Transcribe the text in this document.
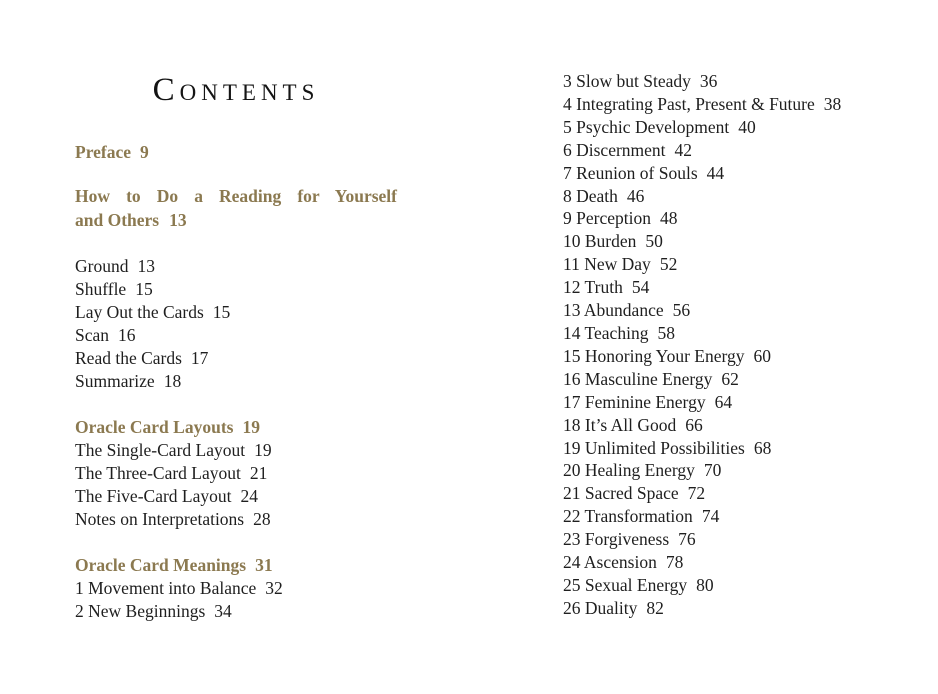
Contents
Preface 9
How to Do a Reading for Yourself
and Others 13
Ground 13
Shuffle 15
Lay Out the Cards 15
Scan 16
Read the Cards 17
Summarize 18
Oracle Card Layouts 19
The Single-Card Layout 19
The Three-Card Layout 21
The Five-Card Layout 24
Notes on Interpretations 28
Oracle Card Meanings 31
1 Movement into Balance 32
2 New Beginnings 34
3 Slow but Steady 36
4 Integrating Past, Present & Future 38
5 Psychic Development 40
6 Discernment 42
7 Reunion of Souls 44
8 Death 46
9 Perception 48
10 Burden 50
11 New Day 52
12 Truth 54
13 Abundance 56
14 Teaching 58
15 Honoring Your Energy 60
16 Masculine Energy 62
17 Feminine Energy 64
18 It’s All Good 66
19 Unlimited Possibilities 68
20 Healing Energy 70
21 Sacred Space 72
22 Transformation 74
23 Forgiveness 76
24 Ascension 78
25 Sexual Energy 80
26 Duality 82
